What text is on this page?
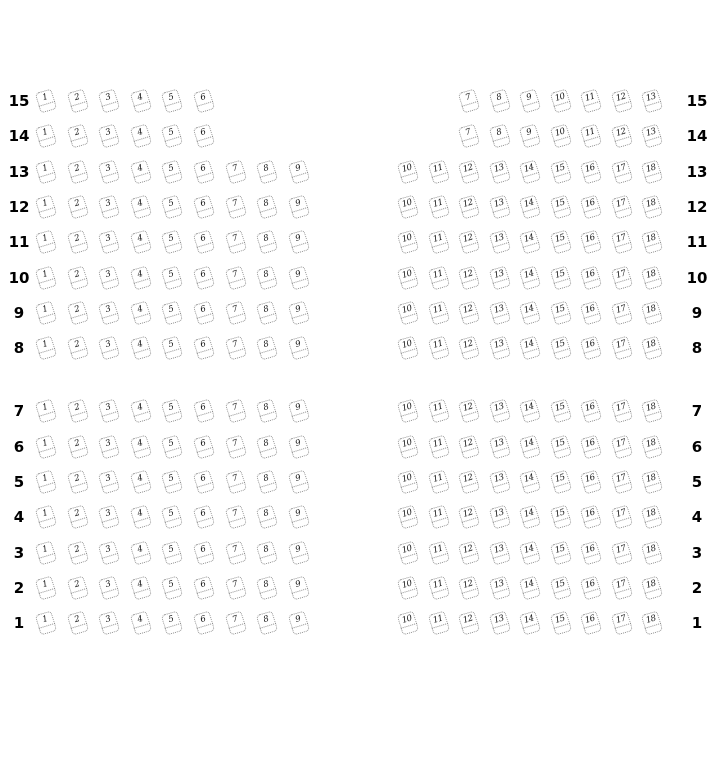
15	15
1	2	3	4	5	6	7	8	9	10	11	12	13
14	14
1	2	3	4	5	6	7	8	9	10	11	12	13
13	13
1	2	3	4	5	6	7	8	9	10	11	12	13	14	15	16	17	18
12	12
1	2	3	4	5	6	7	8	9	10	11	12	13	14	15	16	17	18
11	11
1	2	3	4	5	6	7	8	9	10	11	12	13	14	15	16	17	18
10	10
1	2	3	4	5	6	7	8	9	10	11	12	13	14	15	16	17	18
9	9
1	2	3	4	5	6	7	8	9	10	11	12	13	14	15	16	17	18
8	8
1	2	3	4	5	6	7	8	9	10	11	12	13	14	15	16	17	18
7	7
1	2	3	4	5	6	7	8	9	10	11	12	13	14	15	16	17	18
6	6
1	2	3	4	5	6	7	8	9	10	11	12	13	14	15	16	17	18
5	5
1	2	3	4	5	6	7	8	9	10	11	12	13	14	15	16	17	18
4	4
1	2	3	4	5	6	7	8	9	10	11	12	13	14	15	16	17	18
3	3
1	2	3	4	5	6	7	8	9	10	11	12	13	14	15	16	17	18
2	2
1	2	3	4	5	6	7	8	9	10	11	12	13	14	15	16	17	18
1	1
1	2	3	4	5	6	7	8	9	10	11	12	13	14	15	16	17	18
